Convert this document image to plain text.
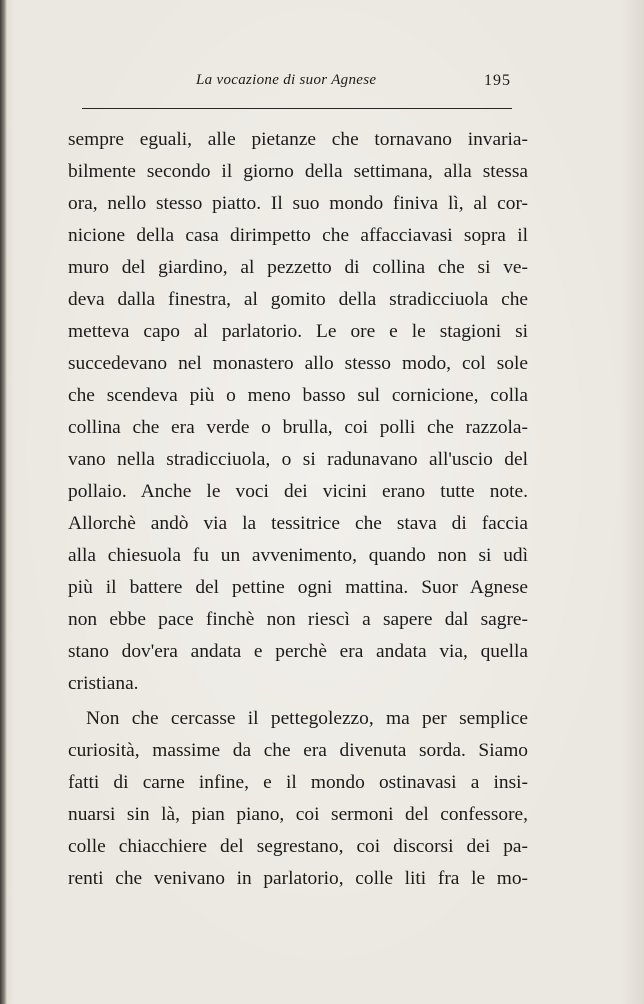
La vocazione di suor Agnese	195
sempre eguali, alle pietanze che tornavano invaria-
bilmente secondo il giorno della settimana, alla stessa
ora, nello stesso piatto. Il suo mondo finiva lì, al cor-
nicione della casa dirimpetto che affacciavasi sopra il
muro del giardino, al pezzetto di collina che si ve-
deva dalla finestra, al gomito della stradicciuola che
metteva capo al parlatorio. Le ore e le stagioni si
succedevano nel monastero allo stesso modo, col sole
che scendeva più o meno basso sul cornicione, colla
collina che era verde o brulla, coi polli che razzola-
vano nella stradicciuola, o si radunavano all'uscio del
pollaio. Anche le voci dei vicini erano tutte note.
Allorchè andò via la tessitrice che stava di faccia
alla chiesuola fu un avvenimento, quando non si udì
più il battere del pettine ogni mattina. Suor Agnese
non ebbe pace finchè non riescì a sapere dal sagre-
stano dov'era andata e perchè era andata via, quella
cristiana.
Non che cercasse il pettegolezzo, ma per semplice
curiosità, massime da che era divenuta sorda. Siamo
fatti di carne infine, e il mondo ostinavasi a insi-
nuarsi sin là, pian piano, coi sermoni del confessore,
colle chiacchiere del segrestano, coi discorsi dei pa-
renti che venivano in parlatorio, colle liti fra le mo-
